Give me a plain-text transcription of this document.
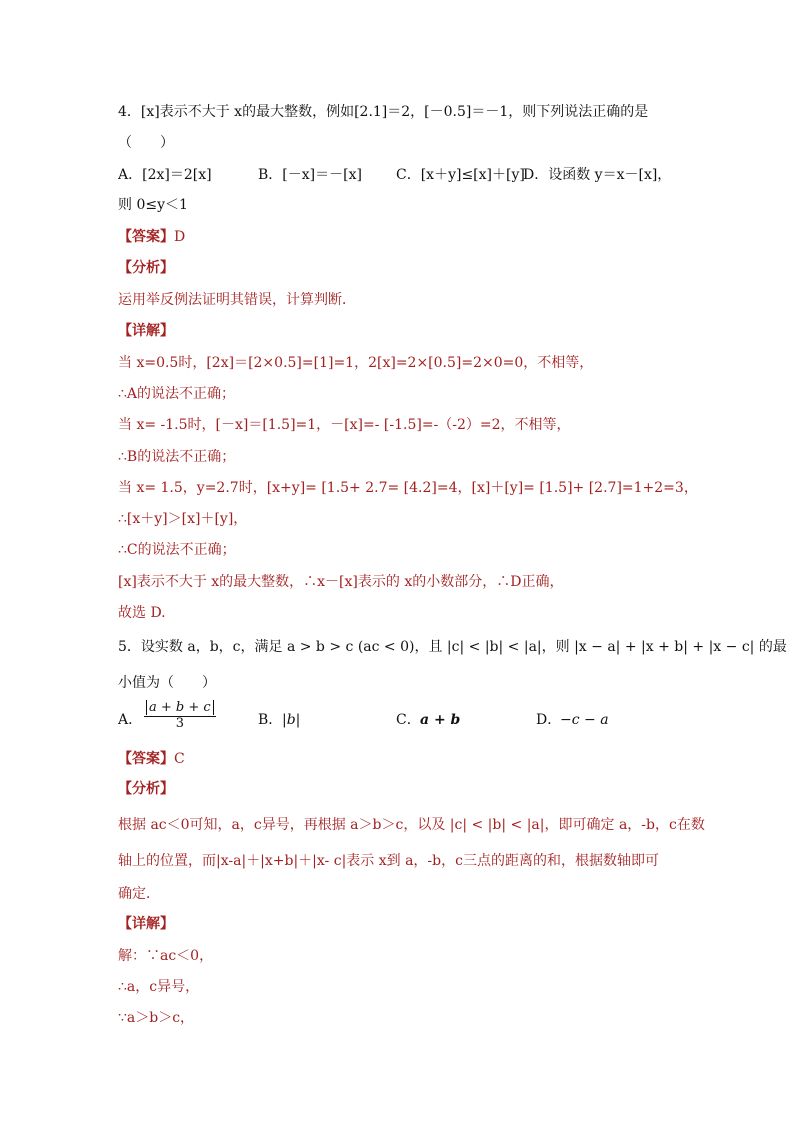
4．[x]表示不大于 x的最大整数，例如[2.1]＝2，[－0.5]＝－1，则下列说法正确的是
（　　）
A．[2x]＝2[x]	B．[－x]＝－[x] C．[x＋y]≤[x]＋[y]
D．设函数 y＝x－[x]，
则 0≤y＜1
【答案】D
【分析】
运用举反例法证明其错误，计算判断．
【详解】
当 x=0.5时，[2x]＝[2×0.5]=[1]=1，2[x]=2×[0.5]=2×0=0，不相等，
∴A的说法不正确；
当 x= -1.5时，[－x]＝[1.5]=1，－[x]=- [-1.5]=-（-2）=2，不相等，
∴B的说法不正确；
当 x= 1.5，y=2.7时，[x+y]= [1.5+ 2.7= [4.2]=4，[x]＋[y]= [1.5]+ [2.7]=1+2=3，
∴[x＋y]＞[x]＋[y]，
∴C的说法不正确；
[x]表示不大于 x的最大整数，∴x－[x]表示的 x的小数部分，∴D正确，
故选 D.
5．设实数 a，b，c，满足 a > b > c (ac < 0)，且 |c| < |b| < |a|，则 |x − a| + |x + b| + |x − c| 的最
小值为（　　）
A． $\frac{a + b + c}{3}$	B． |b|	C． a + b	D．
−c − a
【答案】C
【分析】
根据 ac＜0可知，a，c异号，再根据 a＞b＞c，以及 |c| < |b| < |a|，即可确定 a，-b，c在数
轴上的位置，而|x-a|＋|x+b|＋|x- c|表示 x到 a，-b，c三点的距离的和，根据数轴即可
确定．
【详解】
解：∵ac＜0，
∴a，c异号，
∵a＞b＞c，
